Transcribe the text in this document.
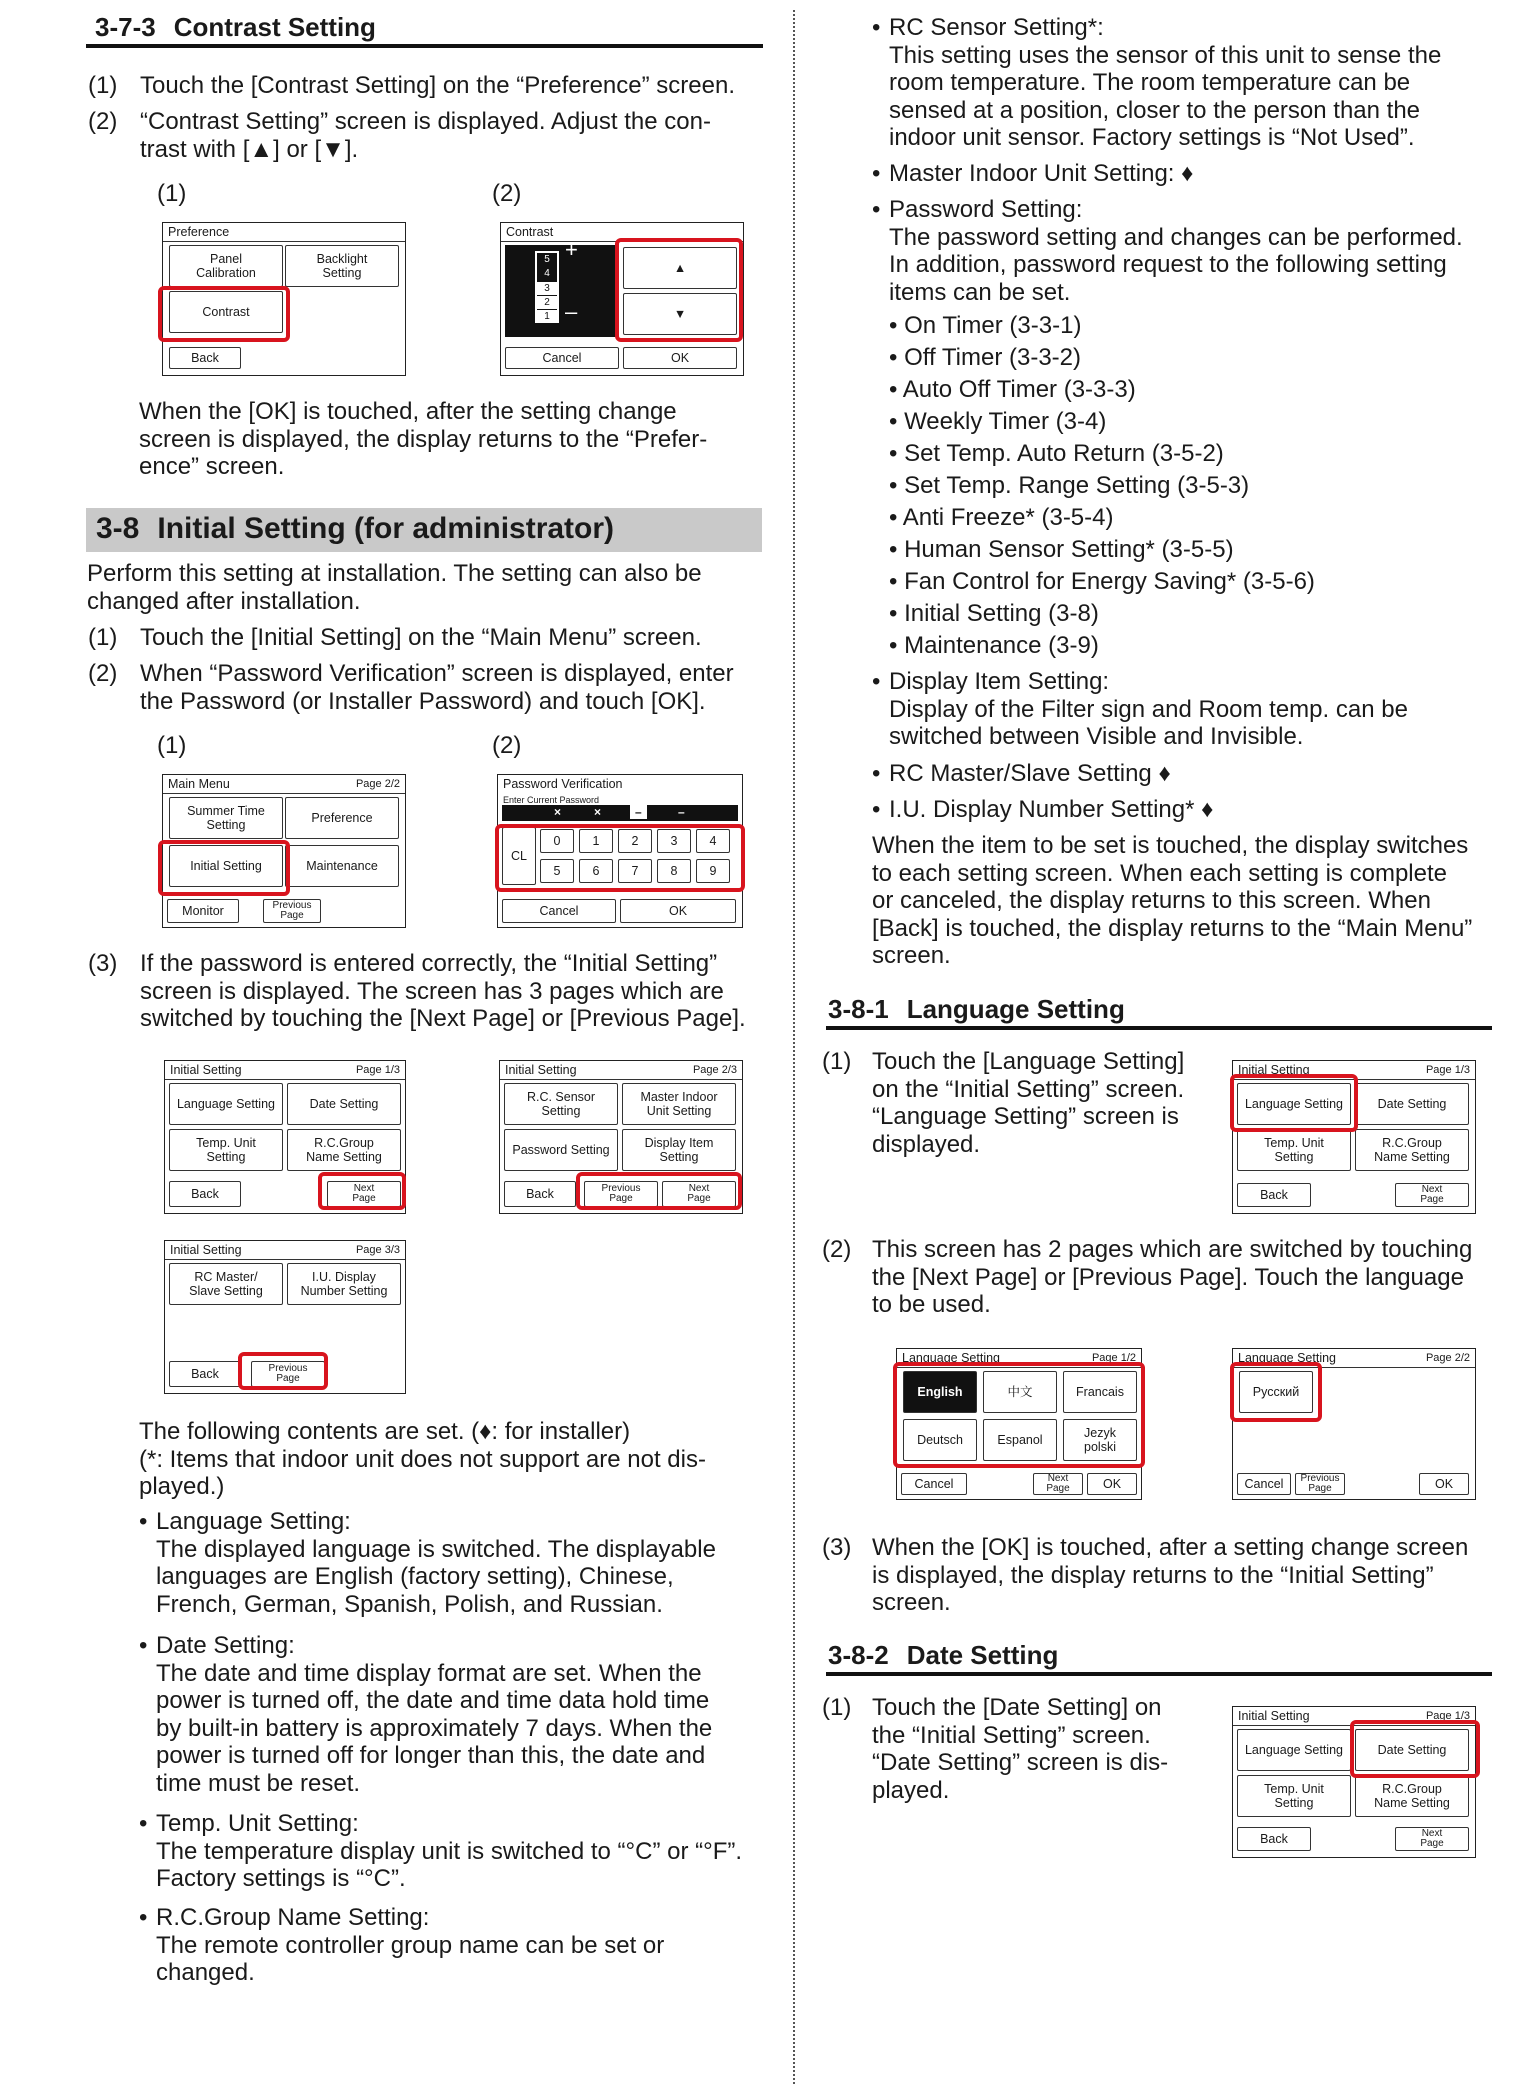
3-7-3 Contrast Setting
(1) Touch the [Contrast Setting] on the “Preference” screen.
(2) “Contrast Setting” screen is displayed. Adjust the con-
trast with [▲] or [▼].
(1)	(2)
Preference
Panel
Calibration
Backlight
Setting
Contrast
Back
Contrast
5
4
3
2
1
+
–
▲
▼
Cancel	OK
When the [OK] is touched, after the setting change
screen is displayed, the display returns to the “Prefer-
ence” screen.
3-8 Initial Setting (for administrator)
Perform this setting at installation. The setting can also be
changed after installation.
(1) Touch the [Initial Setting] on the “Main Menu” screen.
(2) When “Password Verification” screen is displayed, enter
the Password (or Installer Password) and touch [OK].
(1)	(2)
Main Menu	Page 2/2
Summer Time
Setting	Preference
Initial Setting	Maintenance
Monitor	Previous
Page
Password Verification
Enter Current Password
×	×	–	–
CL
0	1	2	3	4
5	6	7	8	9
Cancel	OK
(3) If the password is entered correctly, the “Initial Setting”
screen is displayed. The screen has 3 pages which are
switched by touching the [Next Page] or [Previous Page].
Initial Setting	Page 1/3
Language Setting	Date Setting
Temp. Unit
Setting
R.C.Group
Name Setting
Back	Next
Page
Initial Setting	Page 2/3
R.C. Sensor
Setting
Master Indoor
Unit Setting
Password Setting	Display Item
Setting
Back	Previous
Page
Next
Page
Initial Setting	Page 3/3
RC Master/
Slave Setting
I.U. Display
Number Setting
Back	Previous
Page
The following contents are set. (♦: for installer)
(*: Items that indoor unit does not support are not dis-
played.)
• Language Setting:
The displayed language is switched. The displayable
languages are English (factory setting), Chinese,
French, German, Spanish, Polish, and Russian.
• Date Setting:
The date and time display format are set. When the
power is turned off, the date and time data hold time
by built-in battery is approximately 7 days. When the
power is turned off for longer than this, the date and
time must be reset.
• Temp. Unit Setting:
The temperature display unit is switched to “°C” or “°F”.
Factory settings is “°C”.
• R.C.Group Name Setting:
The remote controller group name can be set or
changed.
• RC Sensor Setting*:
This setting uses the sensor of this unit to sense the
room temperature. The room temperature can be
sensed at a position, closer to the person than the
indoor unit sensor. Factory settings is “Not Used”.
• Master Indoor Unit Setting: ♦
• Password Setting:
The password setting and changes can be performed.
In addition, password request to the following setting
items can be set.
• On Timer (3-3-1)
• Off Timer (3-3-2)
• Auto Off Timer (3-3-3)
• Weekly Timer (3-4)
• Set Temp. Auto Return (3-5-2)
• Set Temp. Range Setting (3-5-3)
• Anti Freeze* (3-5-4)
• Human Sensor Setting* (3-5-5)
• Fan Control for Energy Saving* (3-5-6)
• Initial Setting (3-8)
• Maintenance (3-9)
• Display Item Setting:
Display of the Filter sign and Room temp. can be
switched between Visible and Invisible.
• RC Master/Slave Setting ♦
• I.U. Display Number Setting* ♦
When the item to be set is touched, the display switches
to each setting screen. When each setting is complete
or canceled, the display returns to this screen. When
[Back] is touched, the display returns to the “Main Menu”
screen.
3-8-1 Language Setting
(1) Touch the [Language Setting]
on the “Initial Setting” screen.
“Language Setting” screen is
displayed.
Initial Setting	Page 1/3
Language Setting	Date Setting
Temp. Unit
Setting
R.C.Group
Name Setting
Back	Next
Page
(2) This screen has 2 pages which are switched by touching
the [Next Page] or [Previous Page]. Touch the language
to be used.
Language Setting	Page 1/2
English	中文	Francais
Deutsch	Espanol	Jezyk
polski
Cancel	Next
Page	OK
Language Setting	Page 2/2
Русский
Cancel	Previous
Page	OK
(3) When the [OK] is touched, after a setting change screen
is displayed, the display returns to the “Initial Setting”
screen.
3-8-2 Date Setting
(1) Touch the [Date Setting] on
the “Initial Setting” screen.
“Date Setting” screen is dis-
played.
Initial Setting	Page 1/3
Language Setting	Date Setting
Temp. Unit
Setting
R.C.Group
Name Setting
Back	Next
Page
